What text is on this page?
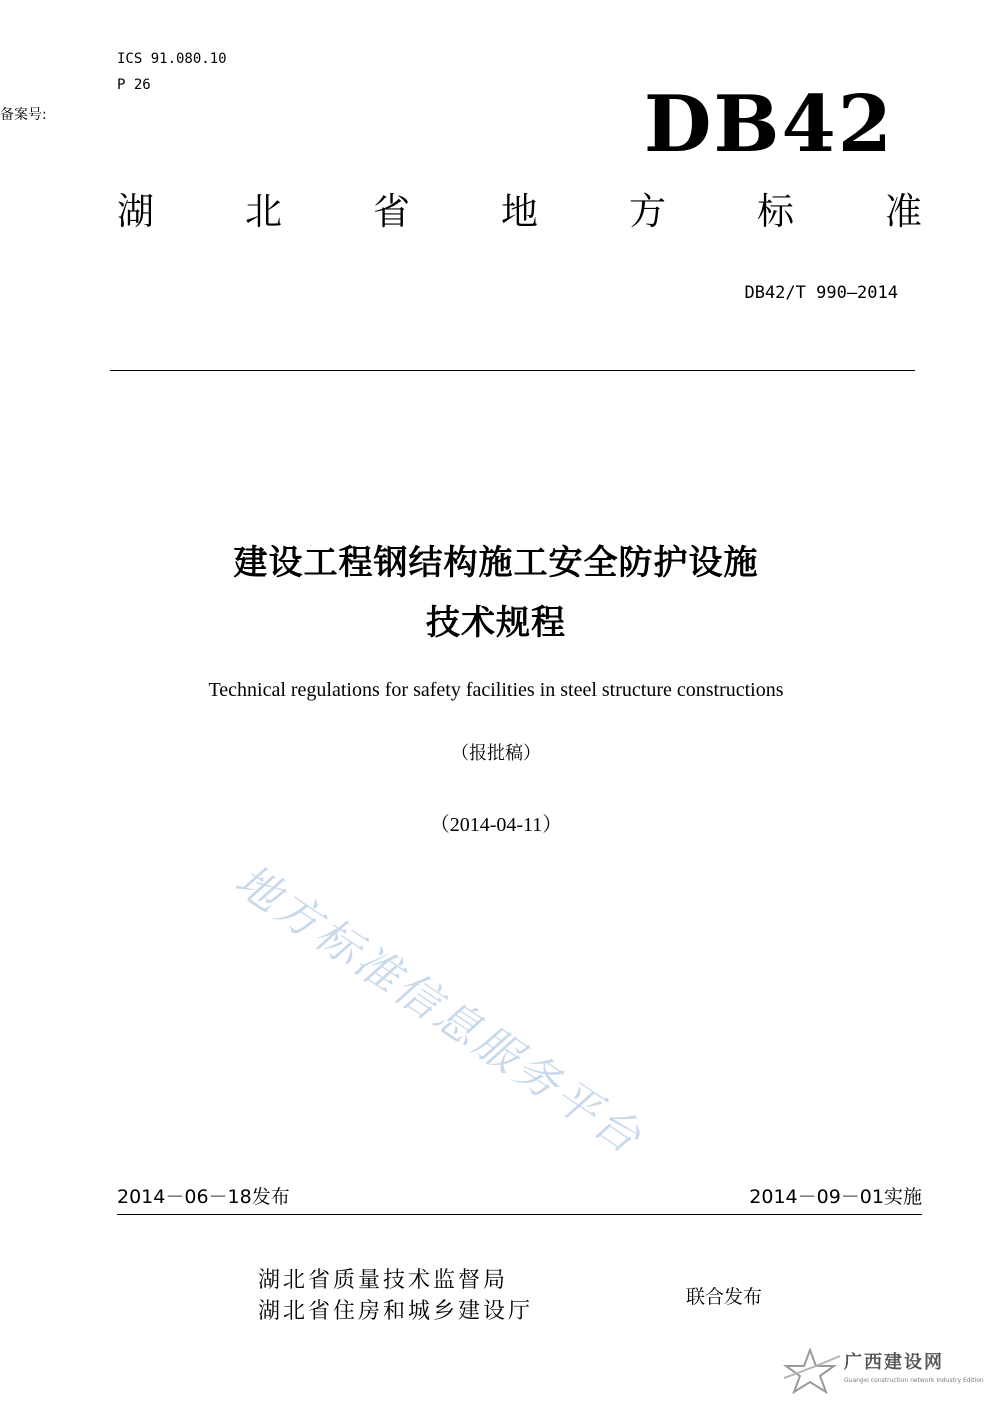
ICS 91.080.10
P 26
备案号:	DB42
湖 北 省 地 方 标 准
DB42/T 990—2014
建设工程钢结构施工安全防护设施
技术规程
Technical regulations for safety facilities in steel structure constructions
（报批稿）
（2014-04-11）
地方标准信息服务平台
2014－06－18发布	2014－09－01实施
湖北省质量技术监督局
湖北省住房和城乡建设厅
联合发布
广西建设网
Guangxi construction network Industry Edition
